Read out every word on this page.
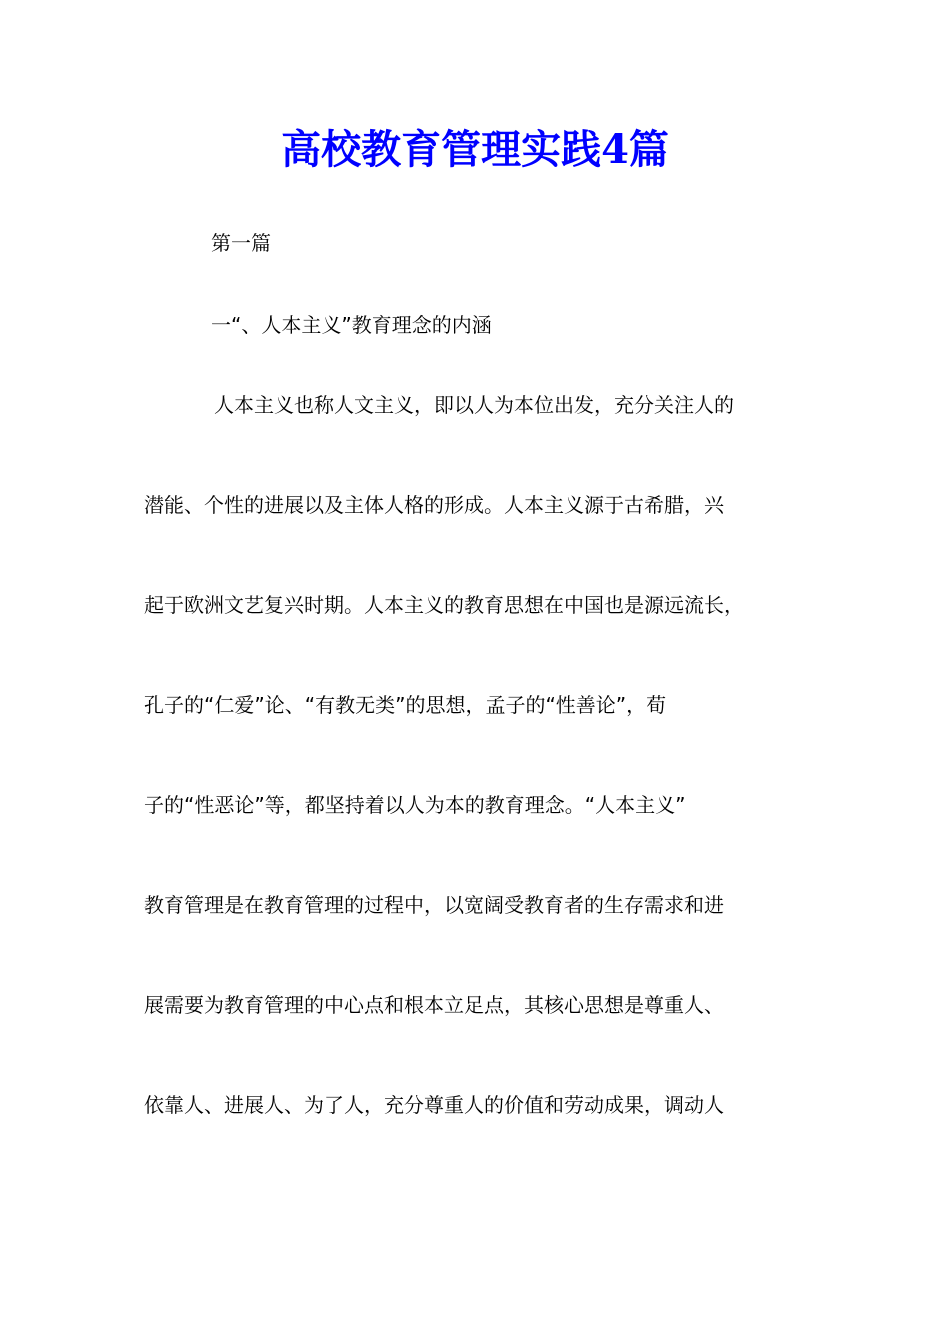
高校教育管理实践4篇
第一篇
一“、人本主义”教育理念的内涵
人本主义也称人文主义，即以人为本位出发，充分关注人的
潜能、个性的进展以及主体人格的形成。人本主义源于古希腊，兴
起于欧洲文艺复兴时期。人本主义的教育思想在中国也是源远流长，
孔子的“仁爱”论、“有教无类”的思想，孟子的“性善论”，荀
子的“性恶论”等，都坚持着以人为本的教育理念。“人本主义”
教育管理是在教育管理的过程中，以宽阔受教育者的生存需求和进
展需要为教育管理的中心点和根本立足点，其核心思想是尊重人、
依靠人、进展人、为了人，充分尊重人的价值和劳动成果，调动人
